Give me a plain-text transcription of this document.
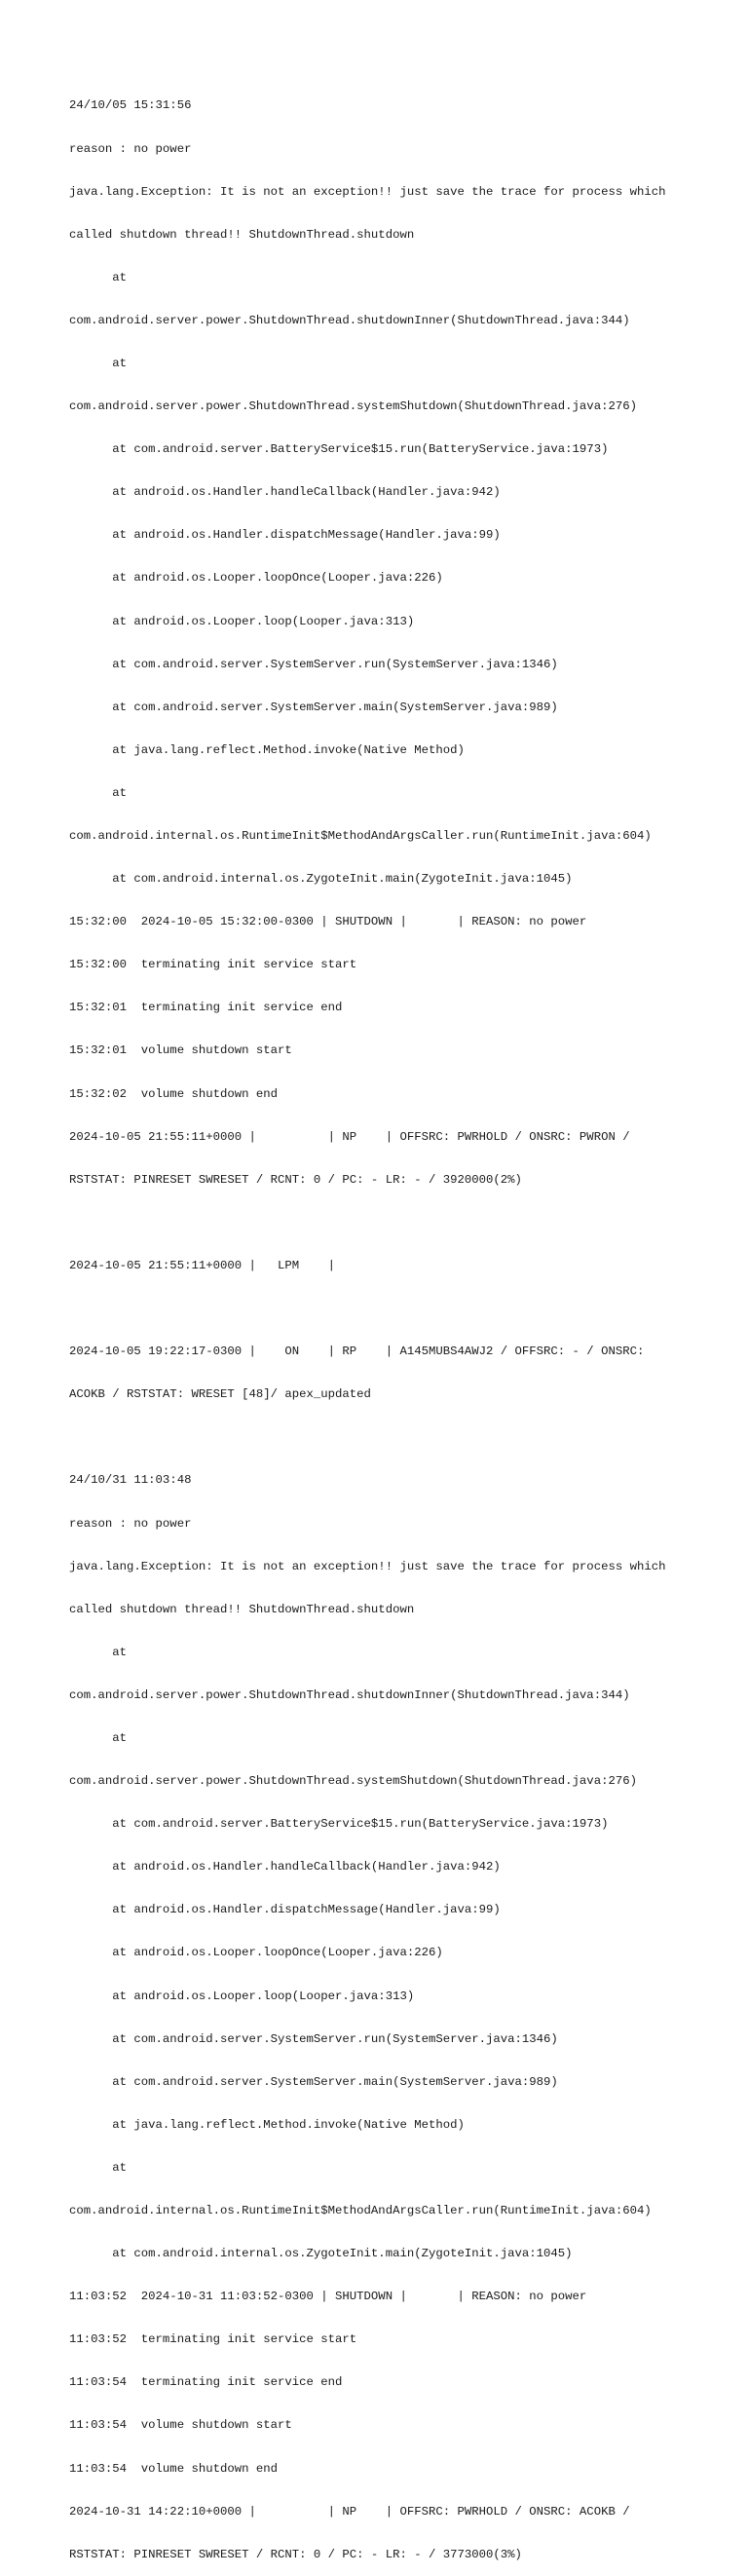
24/10/05 15:31:56

reason : no power

java.lang.Exception: It is not an exception!! just save the trace for process which

called shutdown thread!! ShutdownThread.shutdown

at

com.android.server.power.ShutdownThread.shutdownInner(ShutdownThread.java:344)

at

com.android.server.power.ShutdownThread.systemShutdown(ShutdownThread.java:276)

at com.android.server.BatteryService$15.run(BatteryService.java:1973)

at android.os.Handler.handleCallback(Handler.java:942)

at android.os.Handler.dispatchMessage(Handler.java:99)

at android.os.Looper.loopOnce(Looper.java:226)

at android.os.Looper.loop(Looper.java:313)

at com.android.server.SystemServer.run(SystemServer.java:1346)

at com.android.server.SystemServer.main(SystemServer.java:989)

at java.lang.reflect.Method.invoke(Native Method)

at

com.android.internal.os.RuntimeInit$MethodAndArgsCaller.run(RuntimeInit.java:604)

at com.android.internal.os.ZygoteInit.main(ZygoteInit.java:1045)

15:32:00  2024-10-05 15:32:00-0300 | SHUTDOWN |       | REASON: no power

15:32:00  terminating init service start

15:32:01  terminating init service end

15:32:01  volume shutdown start

15:32:02  volume shutdown end

2024-10-05 21:55:11+0000 |          | NP    | OFFSRC: PWRHOLD / ONSRC: PWRON /

RSTSTAT: PINRESET SWRESET / RCNT: 0 / PC: - LR: - / 3920000(2%)

2024-10-05 21:55:11+0000 |   LPM    |

2024-10-05 19:22:17-0300 |    ON    | RP    | A145MUBS4AWJ2 / OFFSRC: - / ONSRC:

ACOKB / RSTSTAT: WRESET [48]/ apex_updated

24/10/31 11:03:48

reason : no power

java.lang.Exception: It is not an exception!! just save the trace for process which

called shutdown thread!! ShutdownThread.shutdown

at

com.android.server.power.ShutdownThread.shutdownInner(ShutdownThread.java:344)

at

com.android.server.power.ShutdownThread.systemShutdown(ShutdownThread.java:276)

at com.android.server.BatteryService$15.run(BatteryService.java:1973)

at android.os.Handler.handleCallback(Handler.java:942)

at android.os.Handler.dispatchMessage(Handler.java:99)

at android.os.Looper.loopOnce(Looper.java:226)

at android.os.Looper.loop(Looper.java:313)

at com.android.server.SystemServer.run(SystemServer.java:1346)

at com.android.server.SystemServer.main(SystemServer.java:989)

at java.lang.reflect.Method.invoke(Native Method)

at

com.android.internal.os.RuntimeInit$MethodAndArgsCaller.run(RuntimeInit.java:604)

at com.android.internal.os.ZygoteInit.main(ZygoteInit.java:1045)

11:03:52  2024-10-31 11:03:52-0300 | SHUTDOWN |       | REASON: no power

11:03:52  terminating init service start

11:03:54  terminating init service end

11:03:54  volume shutdown start

11:03:54  volume shutdown end

2024-10-31 14:22:10+0000 |          | NP    | OFFSRC: PWRHOLD / ONSRC: ACOKB /

RSTSTAT: PINRESET SWRESET / RCNT: 0 / PC: - LR: - / 3773000(3%)
